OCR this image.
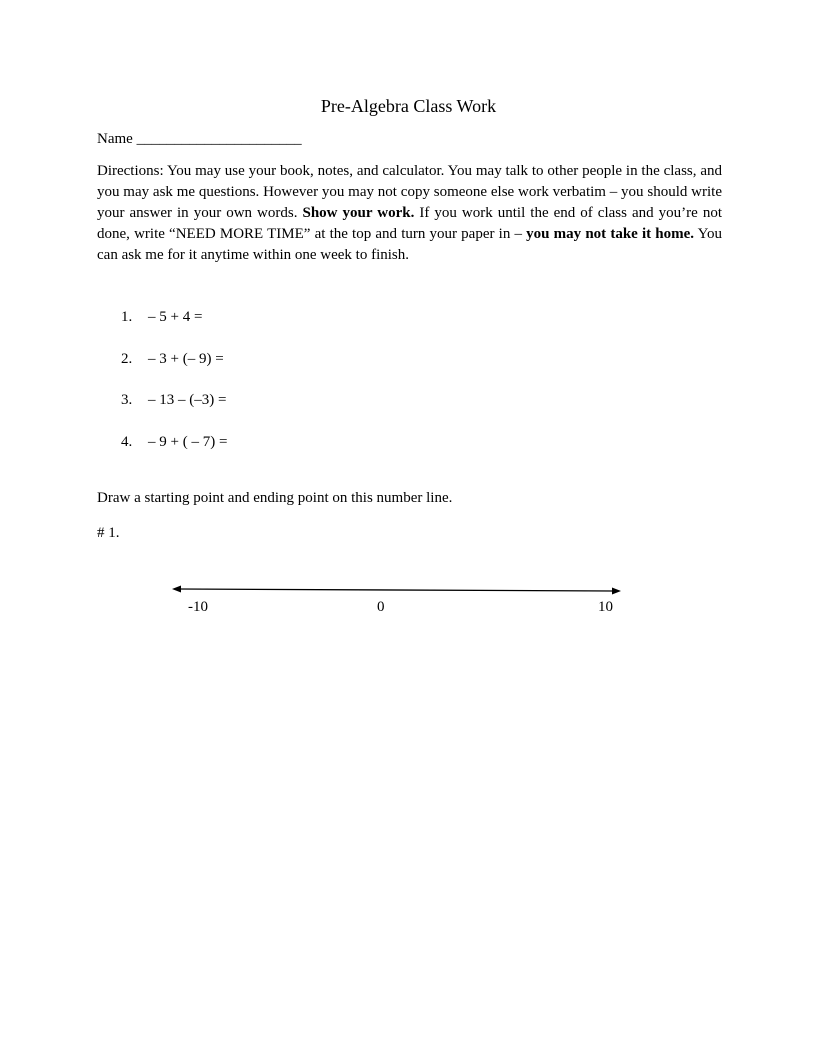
Pre-Algebra Class Work
Name ______________________
Directions: You may use your book, notes, and calculator. You may talk to other people in the class, and you may ask me questions. However you may not copy someone else work verbatim – you should write your answer in your own words. Show your work. If you work until the end of class and you’re not done, write “NEED MORE TIME” at the top and turn your paper in – you may not take it home. You can ask me for it anytime within one week to finish.
1. – 5 + 4 =
2. – 3 + (– 9) =
3. – 13 – (–3) =
4. – 9 + ( – 7) =
Draw a starting point and ending point on this number line.
# 1.
-10	0	10
